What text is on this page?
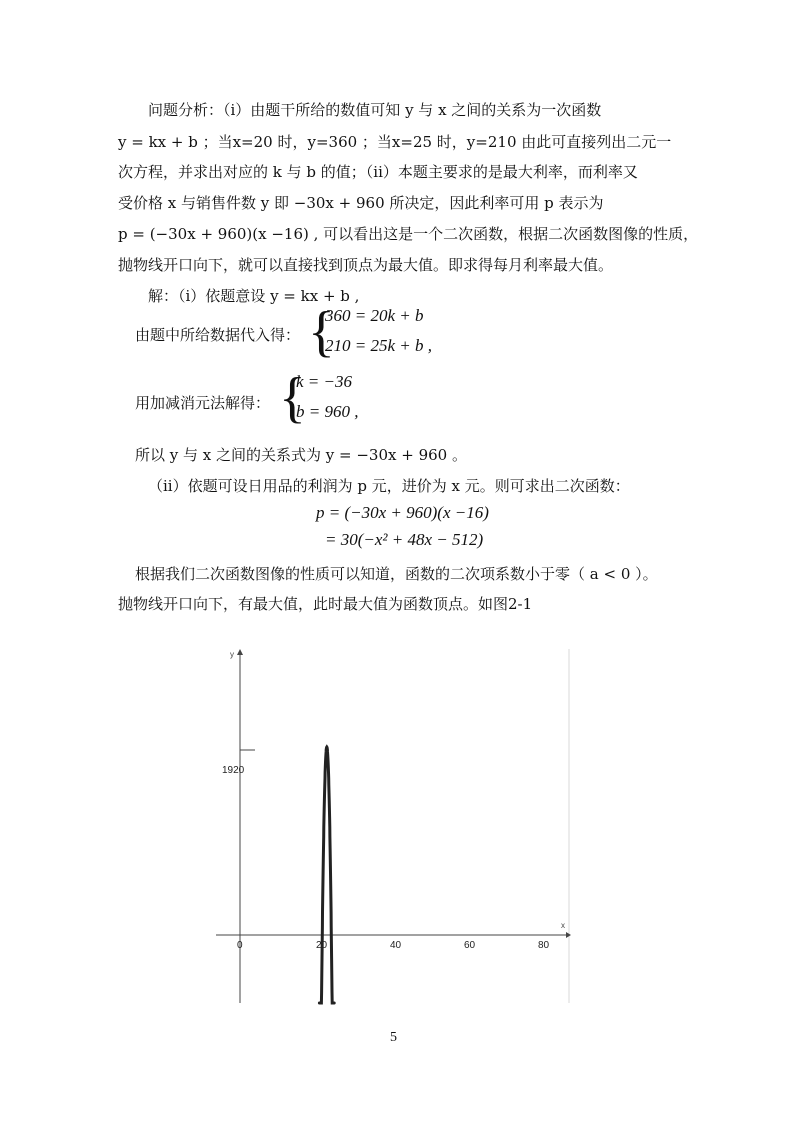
问题分析：（i）由题干所给的数值可知 y 与 x 之间的关系为一次函数
y = kx + b ；当x=20 时，y=360 ；当x=25 时，y=210 由此可直接列出二元一
次方程，并求出对应的 k 与 b 的值；（ii）本题主要求的是最大利率，而利率又
受价格 x 与销售件数 y 即 −30x + 960 所决定，因此利率可用 p 表示为
p = (−30x + 960)(x −16) , 可以看出这是一个二次函数，根据二次函数图像的性质，
抛物线开口向下，就可以直接找到顶点为最大值。即求得每月利率最大值。
解：（i）依题意设 y = kx + b ,
由题中所给数据代入得： {
360 = 20k + b
210 = 25k + b ,
用加减消元法解得： {
k = −36
b = 960 ,
所以 y 与 x 之间的关系式为 y = −30x + 960 。
（ii）依题可设日用品的利润为 p 元，进价为 x 元。则可求出二次函数：
p = (−30x + 960)(x −16)
= 30(−x² + 48x − 512)
根据我们二次函数图像的性质可以知道，函数的二次项系数小于零（ a < 0 ）。
抛物线开口向下，有最大值，此时最大值为函数顶点。如图2-1
y
x
1920
0	20	40	60	80
5
